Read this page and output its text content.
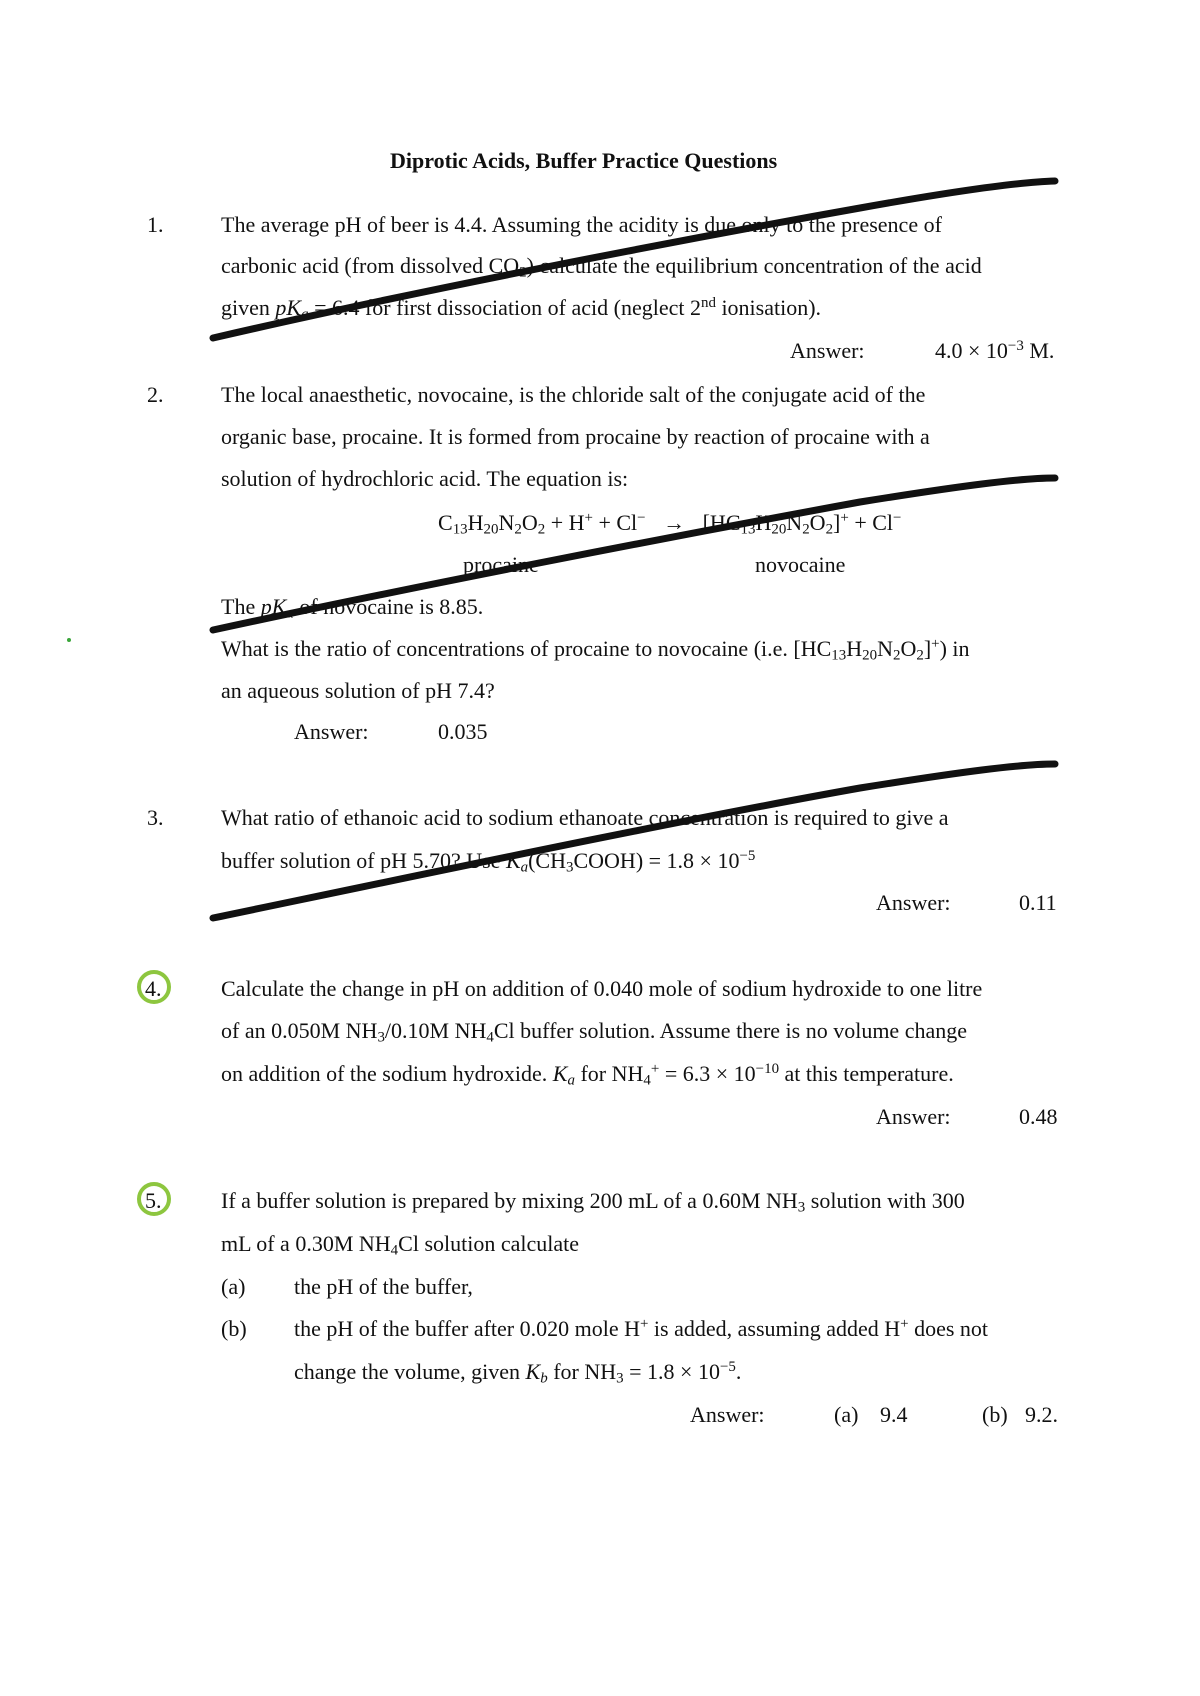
Diprotic Acids, Buffer Practice Questions
1.	The average pH of beer is 4.4. Assuming the acidity is due only to the presence of
carbonic acid (from dissolved $CO_2$) calculate the equilibrium concentration of the acid
given $pK_a = 6.4$ for first dissociation of acid (neglect 2nd ionisation).
Answer:	$4.0 \times 10^{-3}$ M.
2.	The local anaesthetic, novocaine, is the chloride salt of the conjugate acid of the
organic base, procaine. It is formed from procaine by reaction of procaine with a
solution of hydrochloric acid. The equation is:
$C_{13}H_{20}N_2O_2 + H^+ + Cl^- \to [HC_{13}H_{20}N_2O_2]^+ + Cl^-$
procaine	novocaine
The $pK_a$ of novocaine is 8.85.
What is the ratio of concentrations of procaine to novocaine (i.e. $[HC_{13}H_{20}N_2O_2]^+$) in
an aqueous solution of pH 7.4?
Answer:	0.035
3.	What ratio of ethanoic acid to sodium ethanoate concentration is required to give a
buffer solution of pH 5.70? Use $K_a(CH_3COOH) = 1.8 \times 10^{-5}$
Answer:	0.11
4.	Calculate the change in pH on addition of 0.040 mole of sodium hydroxide to one litre
of an 0.050M $NH_3/0.10M$ $NH_4Cl$ buffer solution. Assume there is no volume change
on addition of the sodium hydroxide. $K_a$ for $NH_4^+ = 6.3 \times 10^{-10}$ at this temperature.
Answer:	0.48
5.	If a buffer solution is prepared by mixing 200 mL of a 0.60M $NH_3$ solution with 300
mL of a 0.30M $NH_4Cl$ solution calculate
(a) the pH of the buffer,
(b) the pH of the buffer after 0.020 mole H+ is added, assuming added H+ does not
change the volume, given $K_b$ for $NH_3 = 1.8 \times 10^{-5}$.
Answer:	(a) 9.4	(b) 9.2.
